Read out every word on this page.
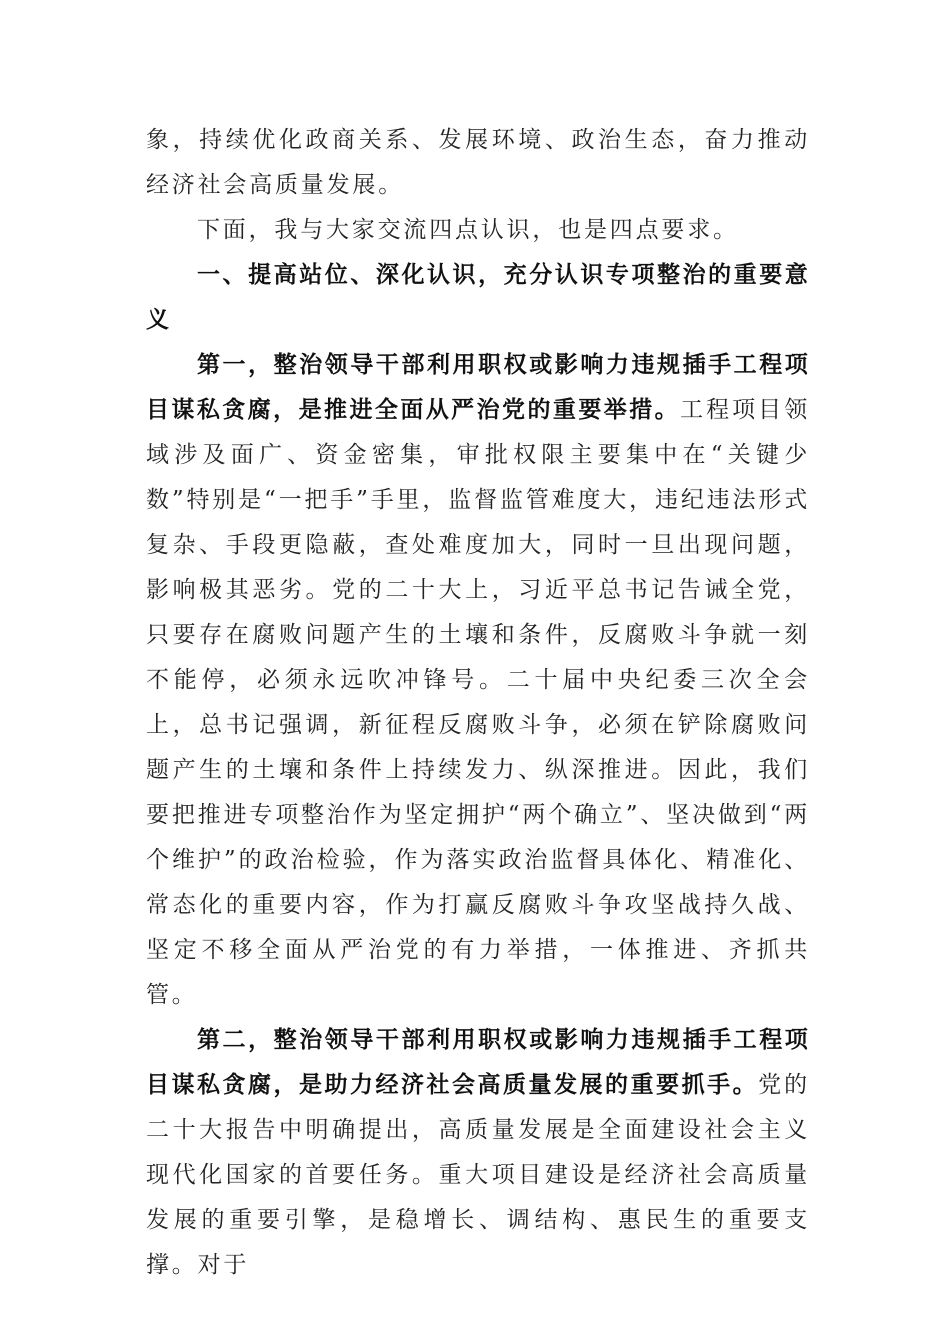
象，持续优化政商关系、发展环境、政治生态，奋力推动经济社会高质量发展。

下面，我与大家交流四点认识，也是四点要求。

一、提高站位、深化认识，充分认识专项整治的重要意义

第一，整治领导干部利用职权或影响力违规插手工程项目谋私贪腐，是推进全面从严治党的重要举措。工程项目领域涉及面广、资金密集，审批权限主要集中在“关键少数”特别是“一把手”手里，监督监管难度大，违纪违法形式复杂、手段更隐蔽，查处难度加大，同时一旦出现问题，影响极其恶劣。党的二十大上，习近平总书记告诫全党，只要存在腐败问题产生的土壤和条件，反腐败斗争就一刻不能停，必须永远吹冲锋号。二十届中央纪委三次全会上，总书记强调，新征程反腐败斗争，必须在铲除腐败问题产生的土壤和条件上持续发力、纵深推进。因此，我们要把推进专项整治作为坚定拥护“两个确立”、坚决做到“两个维护”的政治检验，作为落实政治监督具体化、精准化、常态化的重要内容，作为打赢反腐败斗争攻坚战持久战、坚定不移全面从严治党的有力举措，一体推进、齐抓共管。

第二，整治领导干部利用职权或影响力违规插手工程项目谋私贪腐，是助力经济社会高质量发展的重要抓手。党的二十大报告中明确提出，高质量发展是全面建设社会主义现代化国家的首要任务。重大项目建设是经济社会高质量发展的重要引擎，是稳增长、调结构、惠民生的重要支撑。对于
